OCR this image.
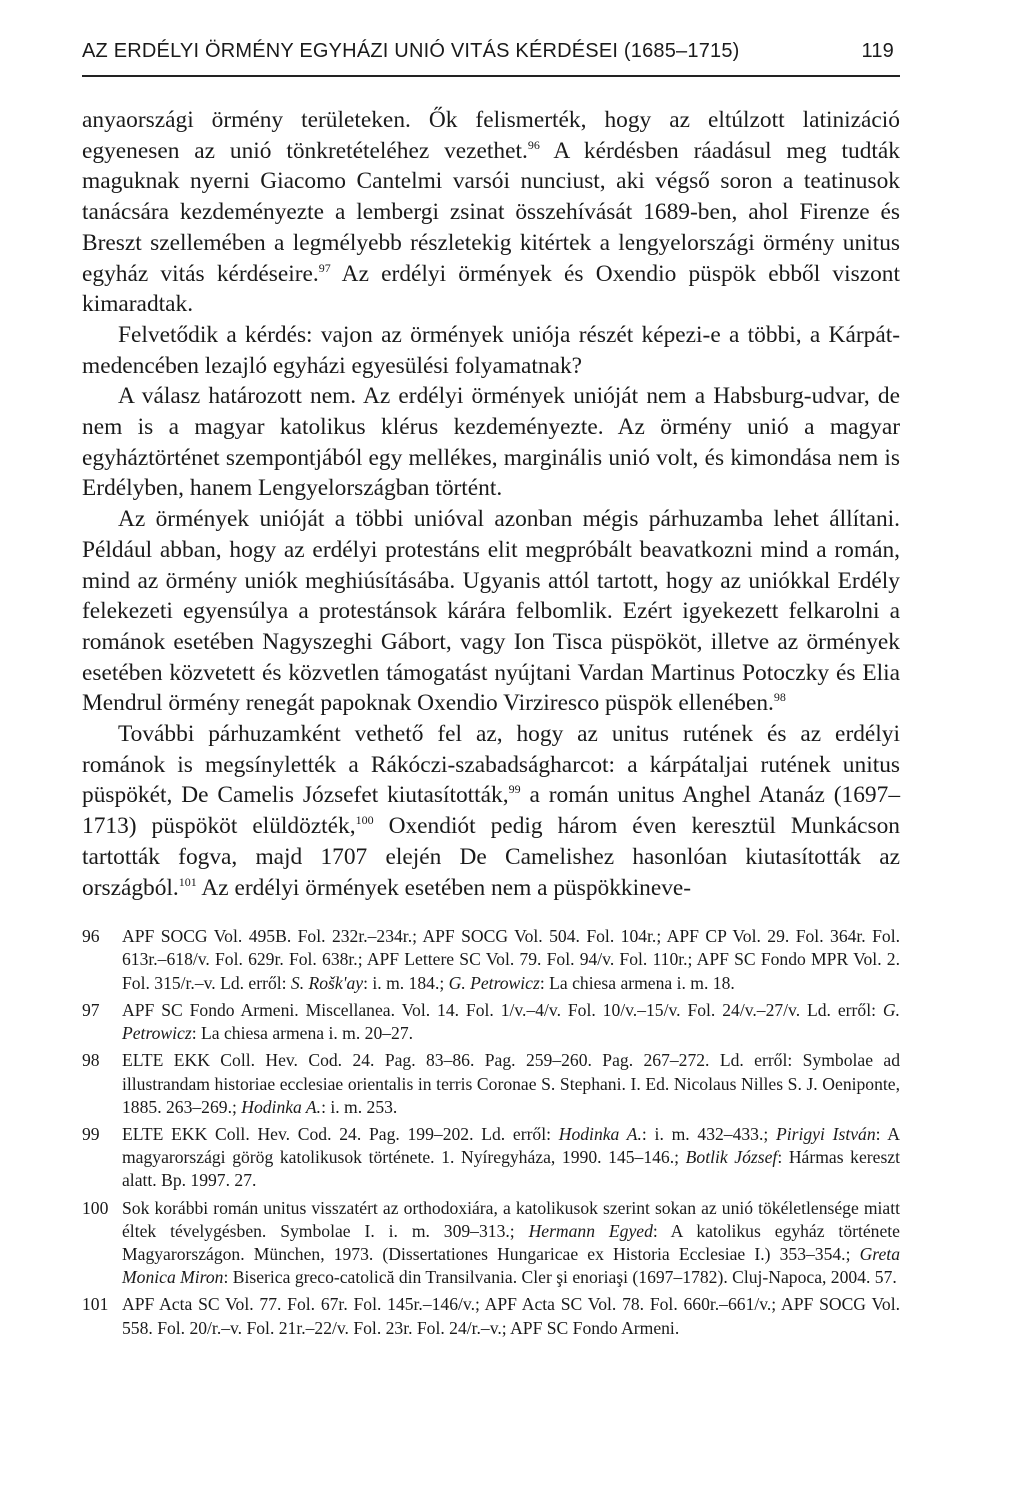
AZ ERDÉLYI ÖRMÉNY EGYHÁZI UNIÓ VITÁS KÉRDÉSEI (1685–1715)	119

anyaországi örmény területeken. Ők felismerték, hogy az eltúlzott latinizáció egyenesen az unió tönkretételéhez vezethet.$^{96}$ A kérdésben ráadásul meg tudták maguknak nyerni Giacomo Cantelmi varsói nunciust, aki végső soron a teatinusok tanácsára kezdeményezte a lembergi zsinat összehívását 1689-ben, ahol Firenze és Breszt szellemében a legmélyebb részletekig kitértek a lengyelországi örmény unitus egyház vitás kérdéseire.$^{97}$ Az erdélyi örmények és Oxendio püspök ebből viszont kimaradtak.

Felvetődik a kérdés: vajon az örmények uniója részét képezi-e a többi, a Kárpát-medencében lezajló egyházi egyesülési folyamatnak?

A válasz határozott nem. Az erdélyi örmények unióját nem a Habsburg-udvar, de nem is a magyar katolikus klérus kezdeményezte. Az örmény unió a magyar egyháztörténet szempontjából egy mellékes, marginális unió volt, és kimondása nem is Erdélyben, hanem Lengyelországban történt.

Az örmények unióját a többi unióval azonban mégis párhuzamba lehet állítani. Például abban, hogy az erdélyi protestáns elit megpróbált beavatkozni mind a román, mind az örmény uniók meghiúsításába. Ugyanis attól tartott, hogy az uniókkal Erdély felekezeti egyensúlya a protestánsok kárára felbomlik. Ezért igyekezett felkarolni a románok esetében Nagyszeghi Gábort, vagy Ion Tisca püspököt, illetve az örmények esetében közvetett és közvetlen támogatást nyújtani Vardan Martinus Potoczky és Elia Mendrul örmény renegát papoknak Oxendio Virziresco püspök ellenében.$^{98}$

További párhuzamként vethető fel az, hogy az unitus rutének és az erdélyi románok is megsínylették a Rákóczi-szabadságharcot: a kárpátaljai rutének unitus püspökét, De Camelis Józsefet kiutasították,$^{99}$ a román unitus Anghel Atanáz (1697–1713) püspököt elüldözték,$^{100}$ Oxendiót pedig három éven keresztül Munkácson tartották fogva, majd 1707 elején De Camelishez hasonlóan kiutasították az országból.$^{101}$ Az erdélyi örmények esetében nem a püspökkineve-

96	APF SOCG Vol. 495B. Fol. 232r.–234r.; APF SOCG Vol. 504. Fol. 104r.; APF CP Vol. 29. Fol. 364r. Fol. 613r.–618/v. Fol. 629r. Fol. 638r.; APF Lettere SC Vol. 79. Fol. 94/v. Fol. 110r.; APF SC Fondo MPR Vol. 2. Fol. 315/r.–v. Ld. erről: S. Rošk'ay: i. m. 184.; G. Petrowicz: La chiesa armena i. m. 18.
97	APF SC Fondo Armeni. Miscellanea. Vol. 14. Fol. 1/v.–4/v. Fol. 10/v.–15/v. Fol. 24/v.–27/v. Ld. erről: G. Petrowicz: La chiesa armena i. m. 20–27.
98	ELTE EKK Coll. Hev. Cod. 24. Pag. 83–86. Pag. 259–260. Pag. 267–272. Ld. erről: Symbolae ad illustrandam historiae ecclesiae orientalis in terris Coronae S. Stephani. I. Ed. Nicolaus Nilles S. J. Oeniponte, 1885. 263–269.; Hodinka A.: i. m. 253.
99	ELTE EKK Coll. Hev. Cod. 24. Pag. 199–202. Ld. erről: Hodinka A.: i. m. 432–433.; Pirigyi István: A magyarországi görög katolikusok története. 1. Nyíregyháza, 1990. 145–146.; Botlik József: Hármas kereszt alatt. Bp. 1997. 27.
100 Sok korábbi román unitus visszatért az orthodoxiára, a katolikusok szerint sokan az unió tökéletlensége miatt éltek tévelygésben. Symbolae I. i. m. 309–313.; Hermann Egyed: A katolikus egyház története Magyarországon. München, 1973. (Dissertationes Hungaricae ex Historia Ecclesiae I.) 353–354.; Greta Monica Miron: Biserica greco-catolică din Transilvania. Cler şi enoriaşi (1697–1782). Cluj-Napoca, 2004. 57.
101 APF Acta SC Vol. 77. Fol. 67r. Fol. 145r.–146/v.; APF Acta SC Vol. 78. Fol. 660r.–661/v.; APF SOCG Vol. 558. Fol. 20/r.–v. Fol. 21r.–22/v. Fol. 23r. Fol. 24/r.–v.; APF SC Fondo Armeni.
